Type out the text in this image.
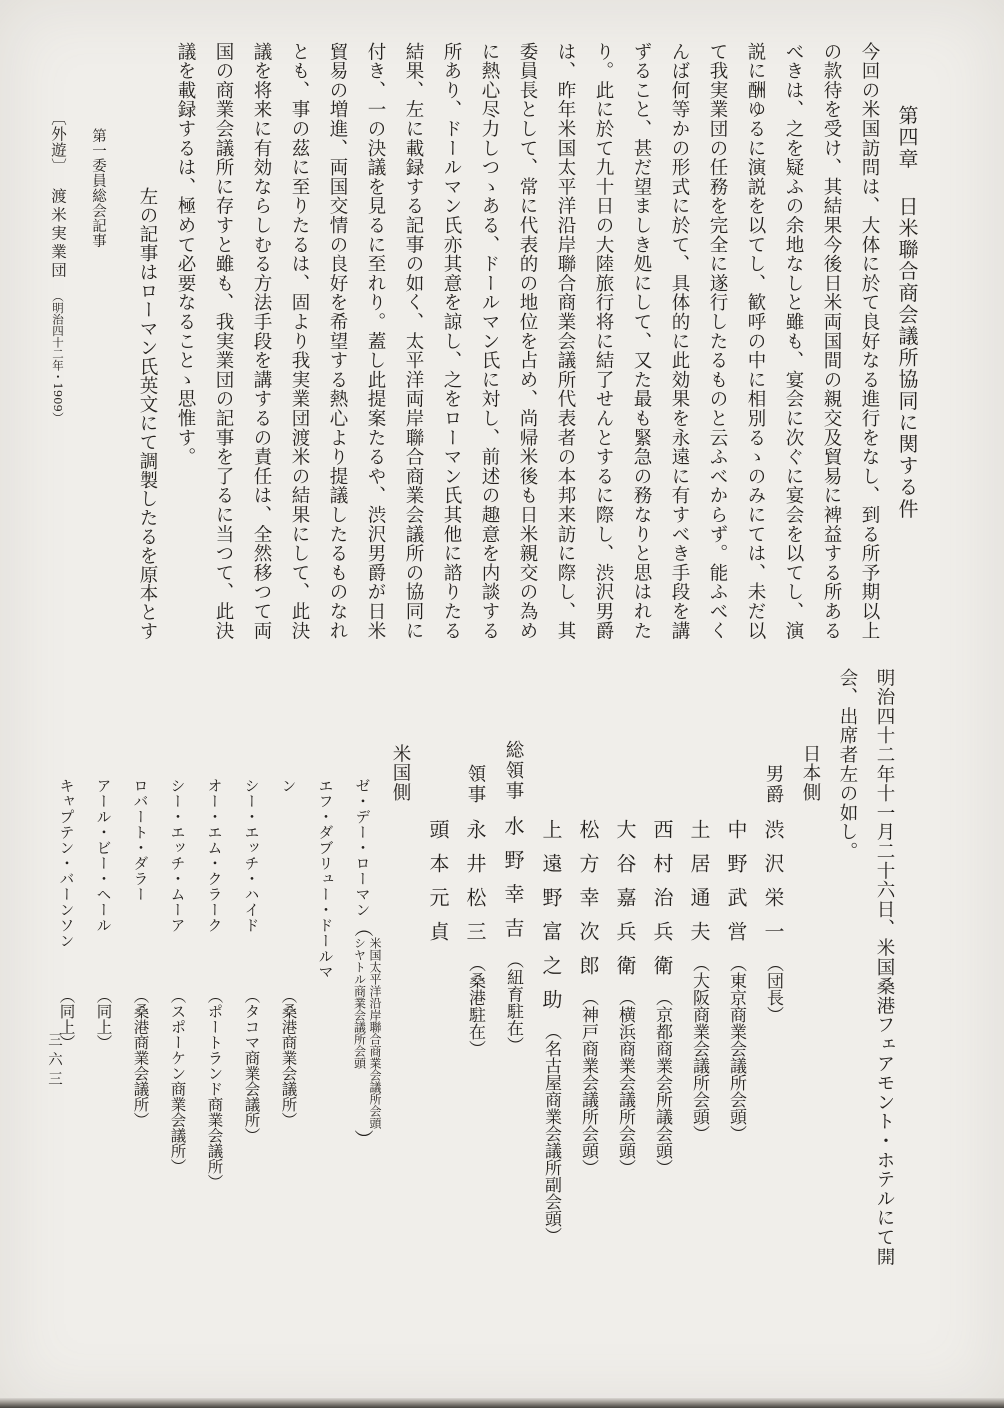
第四章日米聯合商会議所協同に関する件

今回の米国訪問は、大体に於て良好なる進行をなし、到る所予期以上

の款待を受け、其結果今後日米両国間の親交及貿易に裨益する所ある

べきは、之を疑ふの余地なしと雖も、宴会に次ぐに宴会を以てし、演

説に酬ゆるに演説を以てし、歓呼の中に相別るゝのみにては、未だ以

て我実業団の任務を完全に遂行したるものと云ふべからず。能ふべく

んば何等かの形式に於て、具体的に此効果を永遠に有すべき手段を講

ずること、甚だ望ましき処にして、又た最も緊急の務なりと思はれた

り。此に於て九十日の大陸旅行将に結了せんとするに際し、渋沢男爵

は、昨年米国太平洋沿岸聯合商業会議所代表者の本邦来訪に際し、其

委員長として、常に代表的の地位を占め、尚帰米後も日米親交の為め

に熱心尽力しつゝある、ドールマン氏に対し、前述の趣意を内談する

所あり、ドールマン氏亦其意を諒し、之をローマン氏其他に諮りたる

結果、左に載録する記事の如く、太平洋両岸聯合商業会議所の協同に

付き、一の決議を見るに至れり。蓋し此提案たるや、渋沢男爵が日米

貿易の増進、両国交情の良好を希望する熱心より提議したるものなれ

とも、事の茲に至りたるは、固より我実業団渡米の結果にして、此決

議を将来に有効ならしむる方法手段を講するの責任は、全然移つて両

国の商業会議所に存すと雖も、我実業団の記事を了るに当つて、此決

議を載録するは、極めて必要なることゝ思惟す。

左の記事はローマン氏英文にて調製したるを原本とす

明治四十二年十一月二十六日、米国桑港フェアモント・ホテルにて開

会、出席者左の如し。

日本側

男爵渋沢栄一（団長）

中野武営（東京商業会議所会頭）

土居通夫（大阪商業会議所会頭）

西村治兵衛（京都商業会所議会頭）

大谷嘉兵衛（横浜商業会議所会頭）

松方幸次郎（神戸商業会議所会頭）

上遠野富之助（名古屋商業会議所副会頭）

総領事水野幸吉（紐育駐在）

領事永井松三（桑港駐在）

頭本元貞

米国側

ゼ・デー・ローマン（
米国太平洋沿岸聯合商業会議所会頭
シヤトル商業会議所会頭
）

エフ・ダブリュー・ドールマン（桑港商業会議所）

シー・エッチ・ハイド（タコマ商業会議所）

オー・エム・クラーク（ポートランド商業会議所）

シー・エッチ・ムーア（スポーケン商業会議所）

ロバート・ダラー（桑港商業会議所）

アール・ビー・ヘール（同上）

キャプテン・バーンソン（同上）

第一委員総会記事
〔外遊〕渡米実業団（明治四十二年・1909）
三六三
